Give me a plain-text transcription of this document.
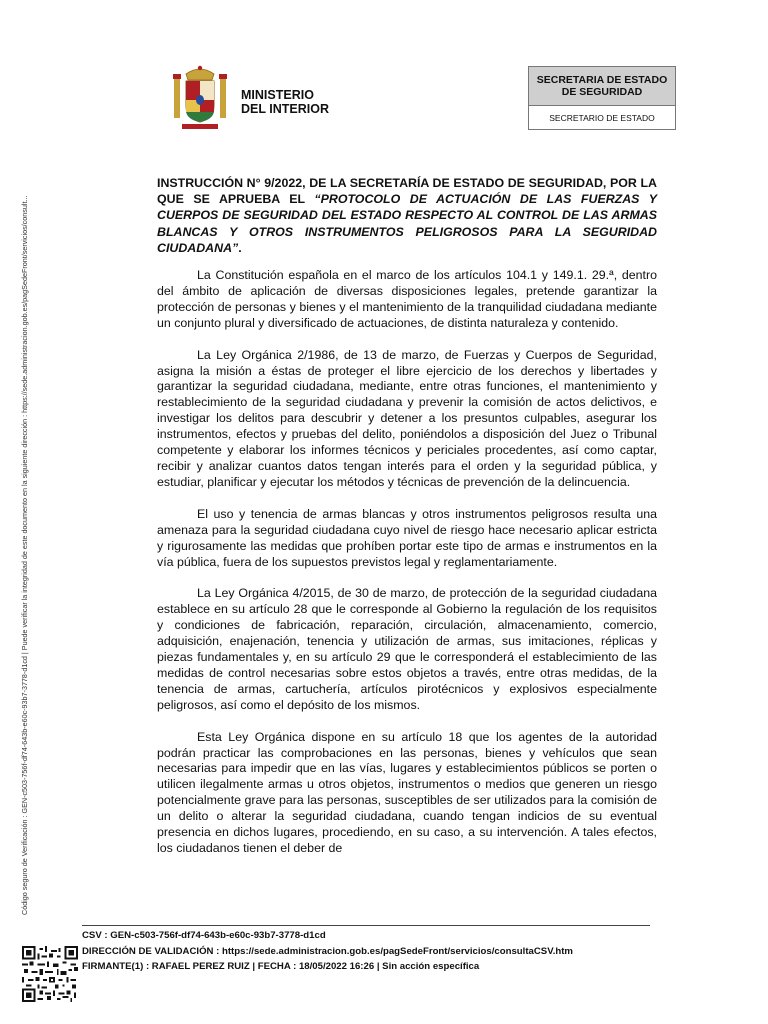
Código seguro de Verificación : GEN-c503-756f-df74-643b-e60c-93b7-3778-d1cd | Puede verificar la integridad de este documento en la siguiente dirección : https://sede.administracion.gob.es/pagSedeFront/servicios/consult...
MINISTERIO
DEL INTERIOR
SECRETARIA DE ESTADO DE SEGURIDAD
SECRETARIO DE ESTADO
INSTRUCCIÓN N° 9/2022, DE LA SECRETARÍA DE ESTADO DE SEGURIDAD, POR LA QUE SE APRUEBA EL “PROTOCOLO DE ACTUACIÓN DE LAS FUERZAS Y CUERPOS DE SEGURIDAD DEL ESTADO RESPECTO AL CONTROL DE LAS ARMAS BLANCAS Y OTROS INSTRUMENTOS PELIGROSOS PARA LA SEGURIDAD CIUDADANA”.

La Constitución española en el marco de los artículos 104.1 y 149.1. 29.ª, dentro del ámbito de aplicación de diversas disposiciones legales, pretende garantizar la protección de personas y bienes y el mantenimiento de la tranquilidad ciudadana mediante un conjunto plural y diversificado de actuaciones, de distinta naturaleza y contenido.

La Ley Orgánica 2/1986, de 13 de marzo, de Fuerzas y Cuerpos de Seguridad, asigna la misión a éstas de proteger el libre ejercicio de los derechos y libertades y garantizar la seguridad ciudadana, mediante, entre otras funciones, el mantenimiento y restablecimiento de la seguridad ciudadana y prevenir la comisión de actos delictivos, e investigar los delitos para descubrir y detener a los presuntos culpables, asegurar los instrumentos, efectos y pruebas del delito, poniéndolos a disposición del Juez o Tribunal competente y elaborar los informes técnicos y periciales procedentes, así como captar, recibir y analizar cuantos datos tengan interés para el orden y la seguridad pública, y estudiar, planificar y ejecutar los métodos y técnicas de prevención de la delincuencia.

El uso y tenencia de armas blancas y otros instrumentos peligrosos resulta una amenaza para la seguridad ciudadana cuyo nivel de riesgo hace necesario aplicar estricta y rigurosamente las medidas que prohíben portar este tipo de armas e instrumentos en la vía pública, fuera de los supuestos previstos legal y reglamentariamente.

La Ley Orgánica 4/2015, de 30 de marzo, de protección de la seguridad ciudadana establece en su artículo 28 que le corresponde al Gobierno la regulación de los requisitos y condiciones de fabricación, reparación, circulación, almacenamiento, comercio, adquisición, enajenación, tenencia y utilización de armas, sus imitaciones, réplicas y piezas fundamentales y, en su artículo 29 que le corresponderá el establecimiento de las medidas de control necesarias sobre estos objetos a través, entre otras medidas, de la tenencia de armas, cartuchería, artículos pirotécnicos y explosivos especialmente peligrosos, así como el depósito de los mismos.

Esta Ley Orgánica dispone en su artículo 18 que los agentes de la autoridad podrán practicar las comprobaciones en las personas, bienes y vehículos que sean necesarias para impedir que en las vías, lugares y establecimientos públicos se porten o utilicen ilegalmente armas u otros objetos, instrumentos o medios que generen un riesgo potencialmente grave para las personas, susceptibles de ser utilizados para la comisión de un delito o alterar la seguridad ciudadana, cuando tengan indicios de su eventual presencia en dichos lugares, procediendo, en su caso, a su intervención. A tales efectos, los ciudadanos tienen el deber de

CSV : GEN-c503-756f-df74-643b-e60c-93b7-3778-d1cd
DIRECCIÓN DE VALIDACIÓN : https://sede.administracion.gob.es/pagSedeFront/servicios/consultaCSV.htm
FIRMANTE(1) : RAFAEL PEREZ RUIZ | FECHA : 18/05/2022 16:26 | Sin acción específica
